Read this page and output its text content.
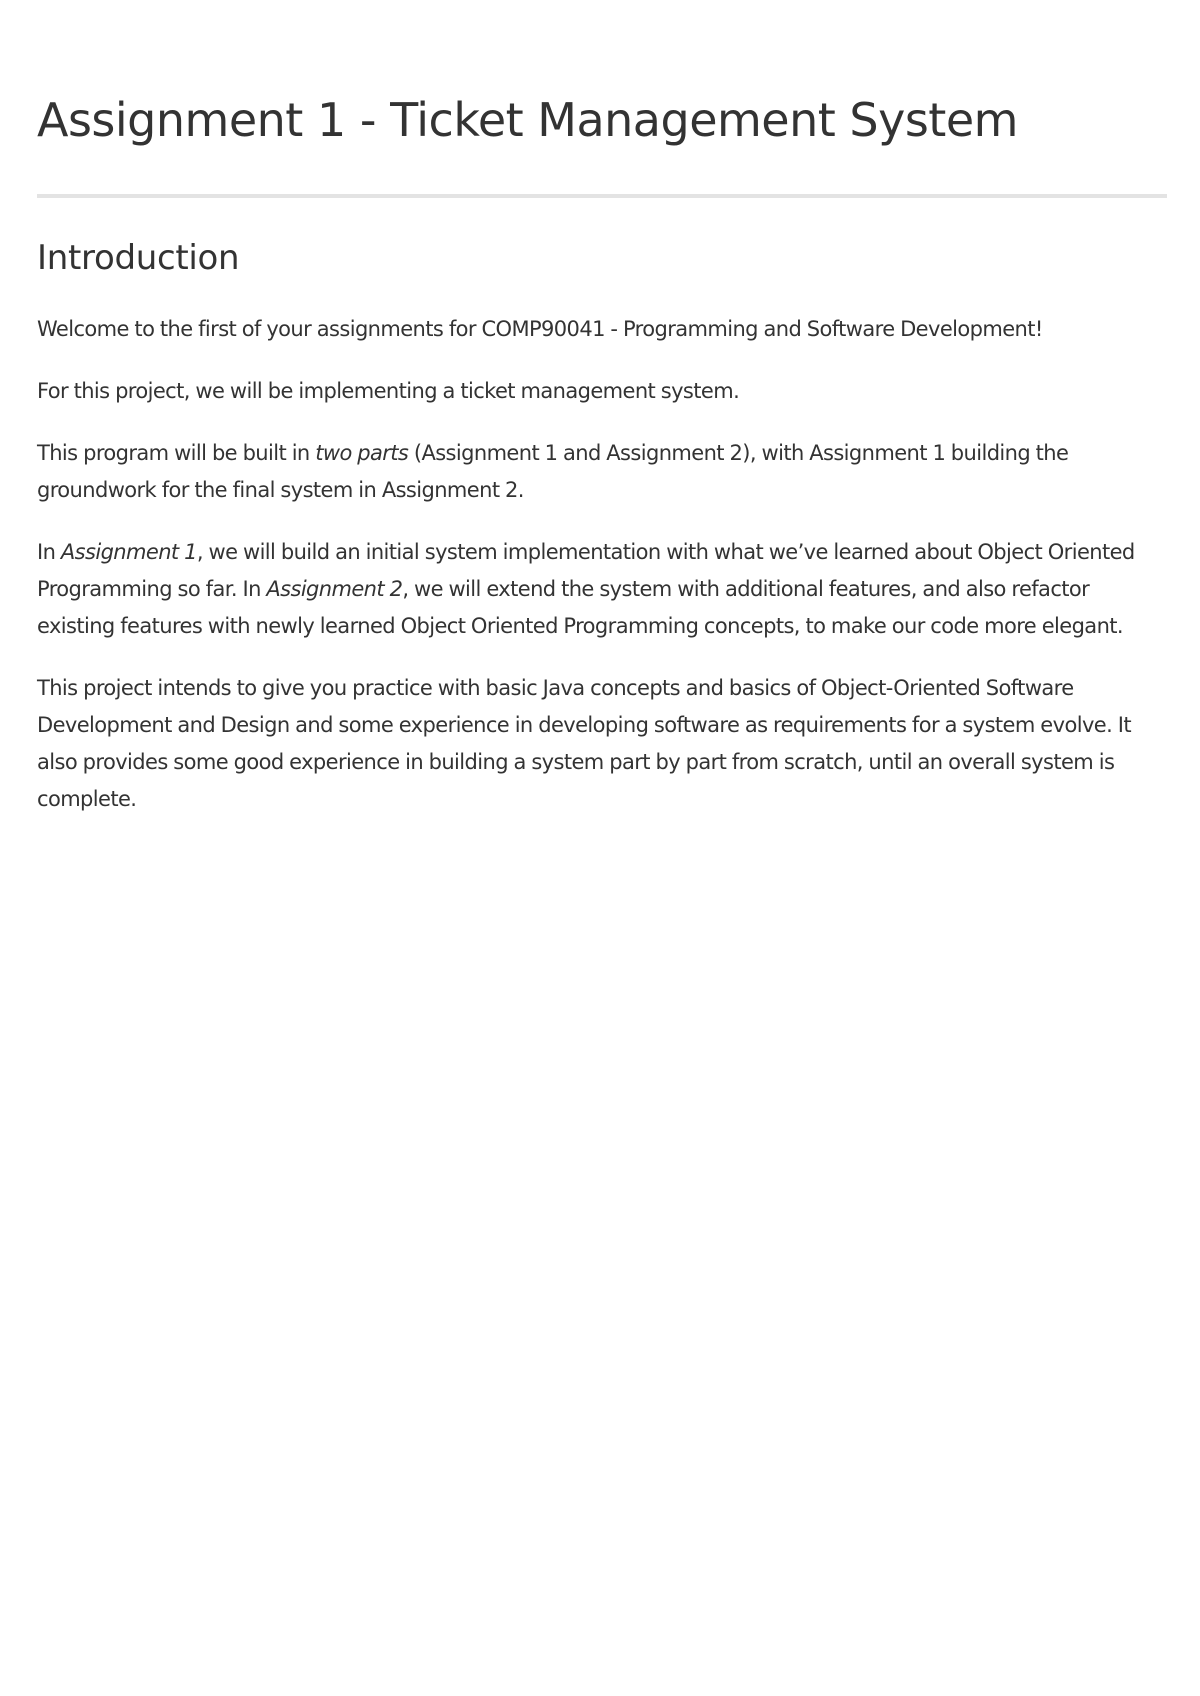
Assignment 1 - Ticket Management System
Introduction

Welcome to the first of your assignments for COMP90041 - Programming and Software Development!

For this project, we will be implementing a ticket management system.

This program will be built in two parts (Assignment 1 and Assignment 2), with Assignment 1 building the groundwork for the final system in Assignment 2.

In Assignment 1, we will build an initial system implementation with what we’ve learned about Object Oriented Programming so far. In Assignment 2, we will extend the system with additional features, and also refactor existing features with newly learned Object Oriented Programming concepts, to make our code more elegant.

This project intends to give you practice with basic Java concepts and basics of Object-Oriented Software Development and Design and some experience in developing software as requirements for a system evolve. It also provides some good experience in building a system part by part from scratch, until an overall system is complete.
